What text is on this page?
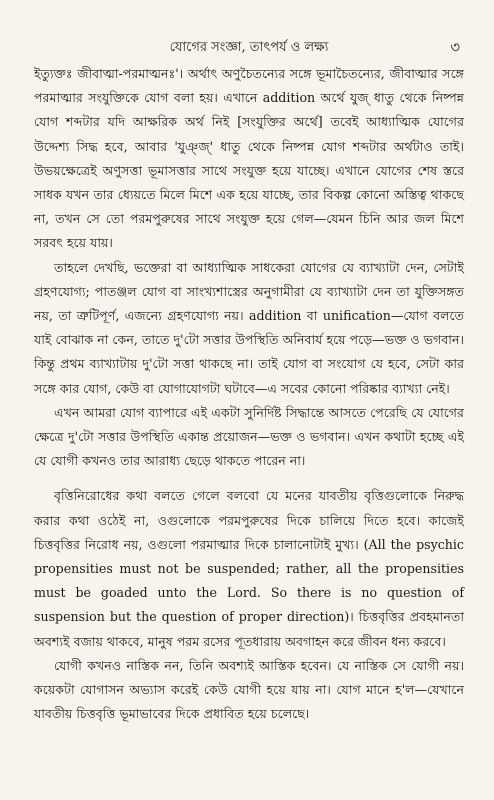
যোগের সংজ্ঞা, তাৎপর্য ও লক্ষ্য	৩

ইত্যুক্তঃ জীবাত্মা-পরমাত্মনঃ'। অর্থাৎ অণুচৈতন্যের সঙ্গে ভূমাচৈতন্যের, জীবাত্মার সঙ্গে পরমাত্মার সংযুক্তিকে যোগ বলা হয়। এখানে addition অর্থে যুজ্ ধাতু থেকে নিষ্পন্ন যোগ শব্দটার যদি আক্ষরিক অর্থ নিই [সংযুক্তির অর্থে] তবেই আধ্যাত্মিক যোগের উদ্দেশ্য সিদ্ধ হবে, আবার 'যুঞ্জ্' ধাতু থেকে নিষ্পন্ন যোগ শব্দটার অর্থটাও তাই। উভয়ক্ষেত্রেই অণুসত্তা ভূমাসত্তার সাথে সংযুক্ত হয়ে যাচ্ছে। এখানে যোগের শেষ স্তরে সাধক যখন তার ধ্যেয়তে মিলে মিশে এক হয়ে যাচ্ছে, তার বিকল্প কোনো অস্তিত্ব থাকছে না, তখন সে তো পরমপুরুষের সাথে সংযুক্ত হয়ে গেল—যেমন চিনি আর জল মিশে সরবৎ হয়ে যায়।

তাহলে দেখছি, ভক্তেরা বা আধ্যাত্মিক সাধকেরা যোগের যে ব্যাখ্যাটা দেন, সেটাই গ্রহণযোগ্য; পাতঞ্জল যোগ বা সাংখ্যশাস্ত্রের অনুগামীরা যে ব্যাখ্যাটা দেন তা যুক্তিসঙ্গত নয়, তা ত্রুটিপূর্ণ, এজন্যে গ্রহণযোগ্য নয়। addition বা unification—যোগ বলতে যাই বোঝাক না কেন, তাতে দু'টো সত্তার উপস্থিতি অনিবার্য হয়ে পড়ে—ভক্ত ও ভগবান। কিন্তু প্রথম ব্যাখ্যাটায় দু'টো সত্তা থাকছে না। তাই যোগ বা সংযোগ যে হবে, সেটা কার সঙ্গে কার যোগ, কেউ বা যোগাযোগটা ঘটাবে—এ সবের কোনো পরিষ্কার ব্যাখ্যা নেই।

এখন আমরা যোগ ব্যাপারে এই একটা সুনির্দিষ্ট সিদ্ধান্তে আসতে পেরেছি যে যোগের ক্ষেত্রে দু'টো সত্তার উপস্থিতি একান্ত প্রয়োজন—ভক্ত ও ভগবান। এখন কথাটা হচ্ছে এই যে যোগী কখনও তার আরাধ্য ছেড়ে থাকতে পারেন না।

বৃত্তিনিরোধের কথা বলতে গেলে বলবো যে মনের যাবতীয় বৃত্তিগুলোকে নিরুদ্ধ করার কথা ওঠেই না, ওগুলোকে পরমপুরুষের দিকে চালিয়ে দিতে হবে। কাজেই চিত্তবৃত্তির নিরোধ নয়, ওগুলো পরমাত্মার দিকে চালানোটাই মুখ্য। (All the psychic propensities must not be suspended; rather, all the propensities must be goaded unto the Lord. So there is no question of suspension but the question of proper direction)। চিত্তবৃত্তির প্রবহমানতা অবশ্যই বজায় থাকবে, মানুষ পরম রসের পূতধারায় অবগাহন করে জীবন ধন্য করবে।

যোগী কখনও নাস্তিক নন, তিনি অবশ্যই আস্তিক হবেন। যে নাস্তিক সে যোগী নয়। কয়েকটা যোগাসন অভ্যাস করেই কেউ যোগী হয়ে যায় না। যোগ মানে হ'ল—যেখানে যাবতীয় চিত্তবৃত্তি ভূমাভাবের দিকে প্রধাবিত হয়ে চলেছে।
